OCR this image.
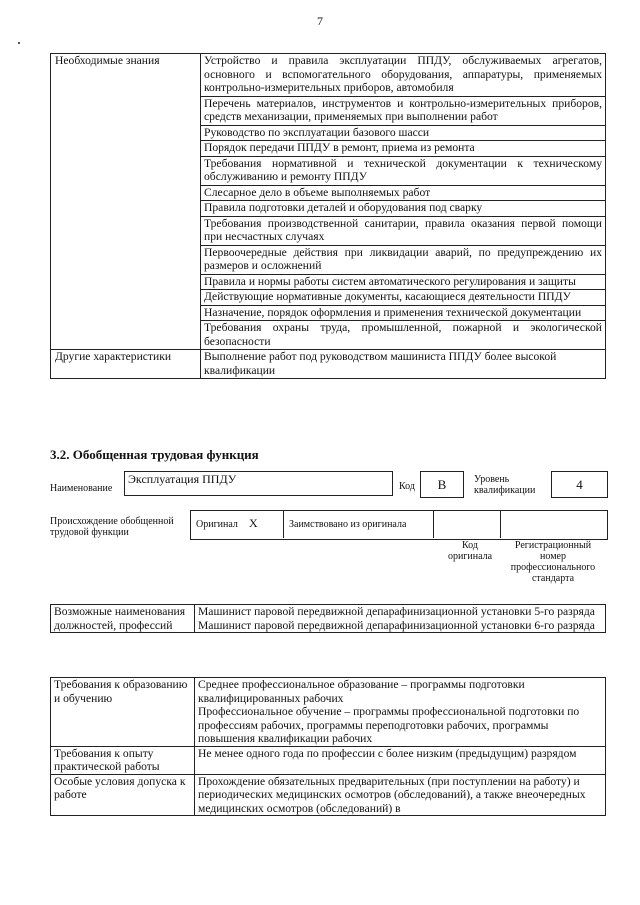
7
Необходимые знания	Устройство и правила эксплуатации ППДУ, обслуживаемых агрегатов, основного и вспомогательного оборудования, аппаратуры, применяемых контрольно-измерительных приборов, автомобиля
	Перечень материалов, инструментов и контрольно-измерительных приборов, средств механизации, применяемых при выполнении работ
	Руководство по эксплуатации базового шасси
	Порядок передачи ППДУ в ремонт, приема из ремонта
	Требования нормативной и технической документации к техническому обслуживанию и ремонту ППДУ
	Слесарное дело в объеме выполняемых работ
	Правила подготовки деталей и оборудования под сварку
	Требования производственной санитарии, правила оказания первой помощи при несчастных случаях
	Первоочередные действия при ликвидации аварий, по предупреждению их размеров и осложнений
	Правила и нормы работы систем автоматического регулирования и защиты
	Действующие нормативные документы, касающиеся деятельности ППДУ
	Назначение, порядок оформления и применения технической документации
	Требования охраны труда, промышленной, пожарной и экологической безопасности
Другие характеристики	Выполнение работ под руководством машиниста ППДУ более высокой квалификации
3.2. Обобщенная трудовая функция
Наименование
Эксплуатация ППДУ
Код	В	Уровень квалификации	4
Происхождение обобщенной трудовой функции
Оригинал X	Заимствовано из оригинала
Код оригинала
Регистрационный номер профессионального стандарта
Возможные наименования должностей, профессий	
Машинист паровой передвижной депарафинизационной установки 5-го разряда
Машинист паровой передвижной депарафинизационной установки 6-го разряда
Требования к образованию и обучению	Среднее профессиональное образование – программы подготовки квалифицированных рабочих
Профессиональное обучение – программы профессиональной подготовки по профессиям рабочих, программы переподготовки рабочих, программы повышения квалификации рабочих

Требования к опыту практической работы	Не менее одного года по профессии с более низким (предыдущим) разрядом

Особые условия допуска к работе	Прохождение обязательных предварительных (при поступлении на работу) и периодических медицинских осмотров (обследований), а также внеочередных медицинских осмотров (обследований) в
